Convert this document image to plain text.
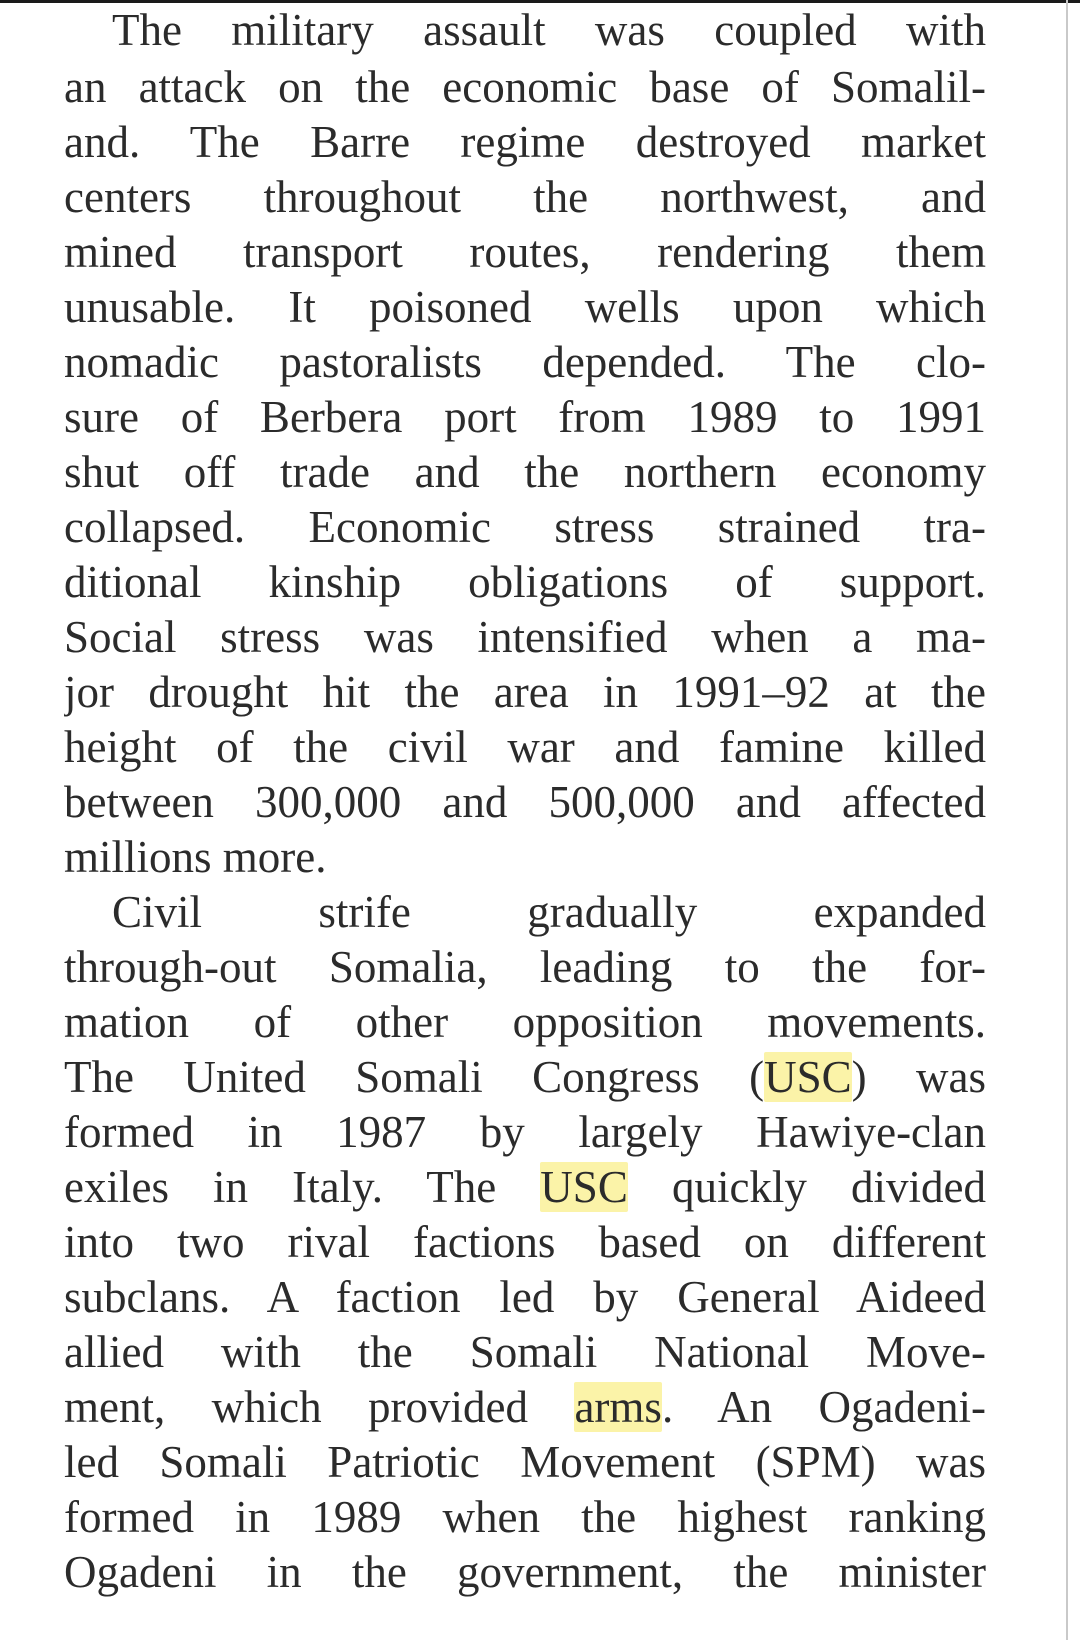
The military assault was coupled with
an attack on the economic base of Somalil-
and. The Barre regime destroyed market
centers throughout the northwest, and
mined transport routes, rendering them
unusable. It poisoned wells upon which
nomadic pastoralists depended. The clo-
sure of Berbera port from 1989 to 1991
shut off trade and the northern economy
collapsed. Economic stress strained tra-
ditional kinship obligations of support.
Social stress was intensified when a ma-
jor drought hit the area in 1991–92 at the
height of the civil war and famine killed
between 300,000 and 500,000 and affected
millions more.
Civil strife gradually expanded
through-out Somalia, leading to the for-
mation of other opposition movements.
The United Somali Congress (USC) was
formed in 1987 by largely Hawiye-clan
exiles in Italy. The USC quickly divided
into two rival factions based on different
subclans. A faction led by General Aideed
allied with the Somali National Move-
ment, which provided arms. An Ogadeni-
led Somali Patriotic Movement (SPM) was
formed in 1989 when the highest ranking
Ogadeni in the government, the minister
